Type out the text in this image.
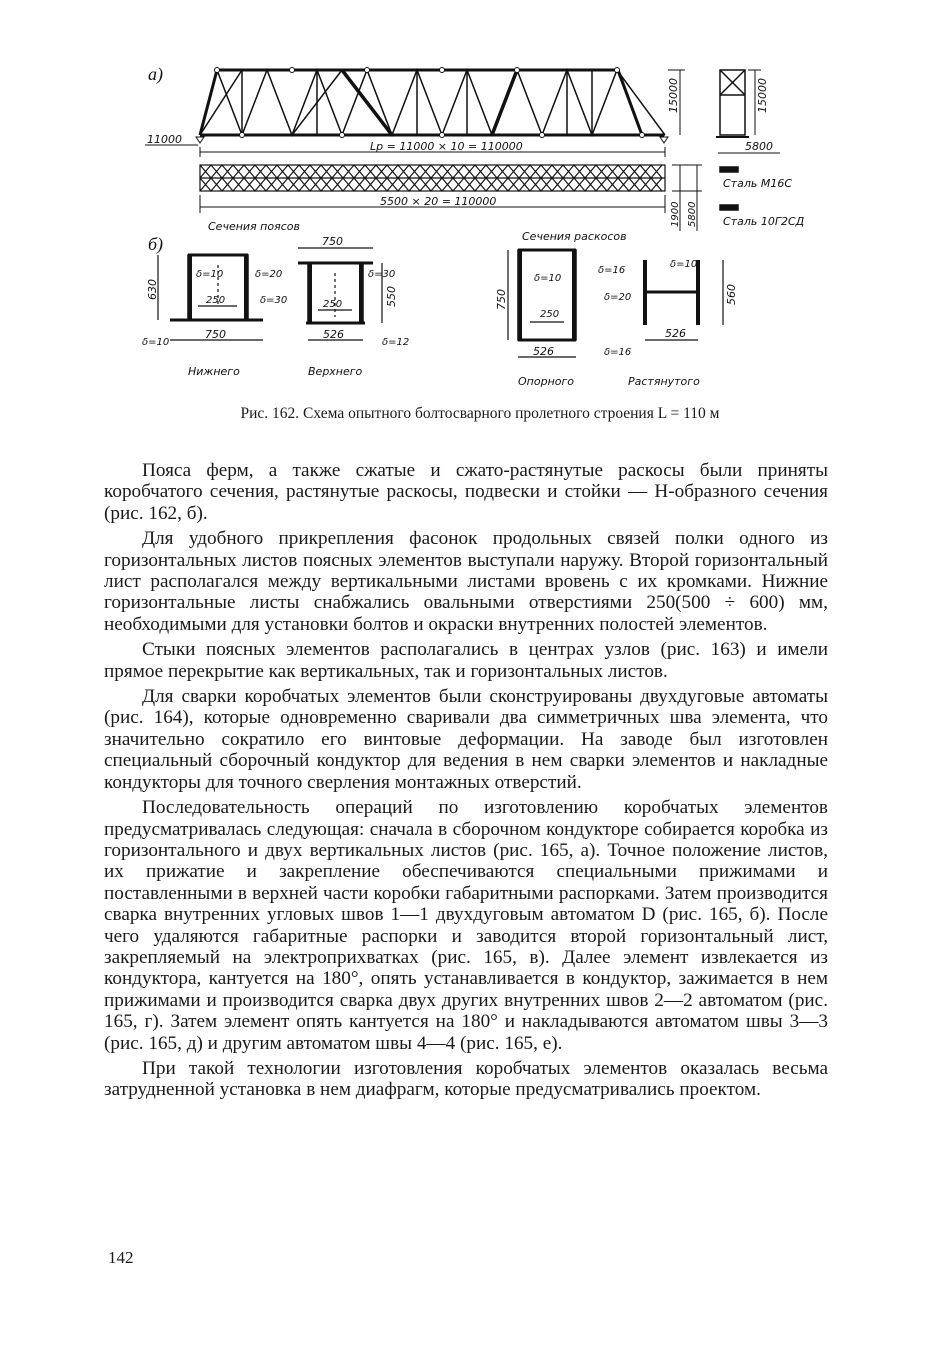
a)
б)
11000
Lp = 11000 × 10 = 110000
15000
5500 × 20 = 110000
1900 5800
15000
5800
Сталь М16С
Сталь 10Г2СД
Сечения поясов
630
δ=10	δ=20
δ=30
δ=10
250
750
Нижнего
750
δ=30
550
250
526
δ=12
Верхнего
Сечения раскосов
750
δ=10
δ=20
250
526	δ=16
Опорного
δ=16
δ=10
560
526
Растянутого
Рис. 162. Схема опытного болтосварного пролетного строения L = 110 м

Пояса ферм, а также сжатые и сжато-растянутые раскосы были приняты коробчатого сечения, растянутые раскосы, подвески и стойки — Н-образного сечения (рис. 162, б).

Для удобного прикрепления фасонок продольных связей полки одного из горизонтальных листов поясных элементов выступали наружу. Второй горизонтальный лист располагался между вертикальными листами вровень с их кромками. Нижние горизонтальные листы снабжались овальными отверстиями 250(500 ÷ 600) мм, необходимыми для установки болтов и окраски внутренних полостей элементов.

Стыки поясных элементов располагались в центрах узлов (рис. 163) и имели прямое перекрытие как вертикальных, так и горизонтальных листов.

Для сварки коробчатых элементов были сконструированы двухдуговые автоматы (рис. 164), которые одновременно сваривали два симметричных шва элемента, что значительно сократило его винтовые деформации. На заводе был изготовлен специальный сборочный кондуктор для ведения в нем сварки элементов и накладные кондукторы для точного сверления монтажных отверстий.

Последовательность операций по изготовлению коробчатых элементов предусматривалась следующая: сначала в сборочном кондукторе собирается коробка из горизонтального и двух вертикальных листов (рис. 165, а). Точное положение листов, их прижатие и закрепление обеспечиваются специальными прижимами и поставленными в верхней части коробки габаритными распорками. Затем производится сварка внутренних угловых швов 1—1 двухдуговым автоматом D (рис. 165, б). После чего удаляются габаритные распорки и заводится второй горизонтальный лист, закрепляемый на электроприхватках (рис. 165, в). Далее элемент извлекается из кондуктора, кантуется на 180°, опять устанавливается в кондуктор, зажимается в нем прижимами и производится сварка двух других внутренних швов 2—2 автоматом (рис. 165, г). Затем элемент опять кантуется на 180° и накладываются автоматом швы 3—3 (рис. 165, д) и другим автоматом швы 4—4 (рис. 165, е).

При такой технологии изготовления коробчатых элементов оказалась весьма затрудненной установка в нем диафрагм, которые предусматривались проектом.

142
